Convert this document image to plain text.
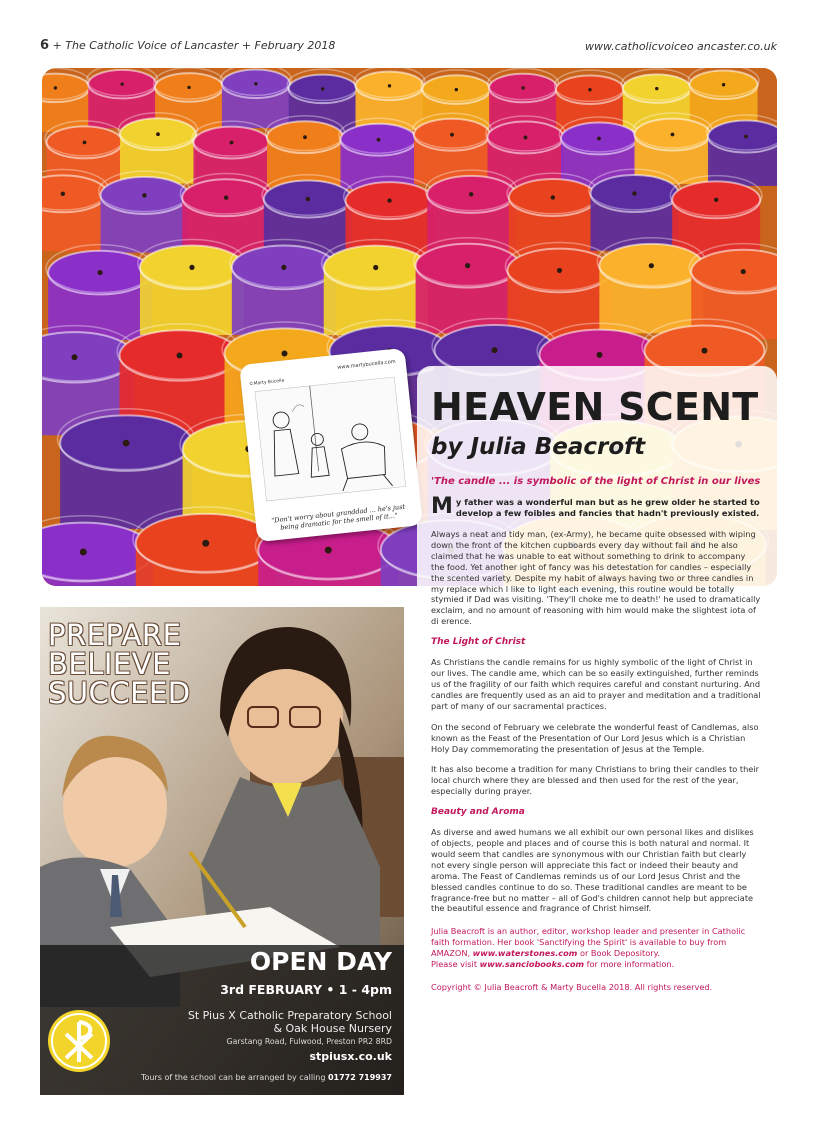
6 + The Catholic Voice of Lancaster + February 2018	www.catholicvoiceo ancaster.co.uk
www.martybucella.com
©Marty Bucella
"Don't worry about granddad ... he's just being dramatic for the smell of it..."
HEAVEN SCENT
by Julia Beacroft
'The candle ... is symbolic of the light of Christ in our lives
M y father was a wonderful man but as he grew older he started to develop a few foibles and fancies that hadn't previously existed.
Always a neat and tidy man, (ex-Army), he became quite obsessed with wiping down the front of the kitchen cupboards every day without fail and he also claimed that he was unable to eat without something to drink to accompany the food. Yet another ight of fancy was his detestation for candles – especially the scented variety. Despite my habit of always having two or three candles in my replace which I like to light each evening, this routine would be totally stymied if Dad was visiting. 'They'll choke me to death!' he used to dramatically exclaim, and no amount of reasoning with him would make the slightest iota of di erence.
The Light of Christ
As Christians the candle remains for us highly symbolic of the light of Christ in our lives. The candle ame, which can be so easily extinguished, further reminds us of the fragility of our faith which requires careful and constant nurturing. And candles are frequently used as an aid to prayer and meditation and a traditional part of many of our sacramental practices.
On the second of February we celebrate the wonderful feast of Candlemas, also known as the Feast of the Presentation of Our Lord Jesus which is a Christian Holy Day commemorating the presentation of Jesus at the Temple.
It has also become a tradition for many Christians to bring their candles to their local church where they are blessed and then used for the rest of the year, especially during prayer.
Beauty and Aroma
As diverse and awed humans we all exhibit our own personal likes and dislikes of objects, people and places and of course this is both natural and normal. It would seem that candles are synonymous with our Christian faith but clearly not every single person will appreciate this fact or indeed their beauty and aroma. The Feast of Candlemas reminds us of our Lord Jesus Christ and the blessed candles continue to do so. These traditional candles are meant to be fragrance-free but no matter – all of God's children cannot help but appreciate the beautiful essence and fragrance of Christ himself.
Julia Beacroft is an author, editor, workshop leader and presenter in Catholic faith formation. Her book 'Sanctifying the Spirit' is available to buy from AMAZON, www.waterstones.com or Book Depository.
Please visit www.sanciobooks.com for more information.
Copyright © Julia Beacroft & Marty Bucella 2018. All rights reserved.
PREPARE
BELIEVE
SUCCEED
OPEN DAY
3rd FEBRUARY • 1 - 4pm
St Pius X Catholic Preparatory School
& Oak House Nursery
Garstang Road, Fulwood, Preston PR2 8RD
stpiusx.co.uk
Tours of the school can be arranged by calling 01772 719937
